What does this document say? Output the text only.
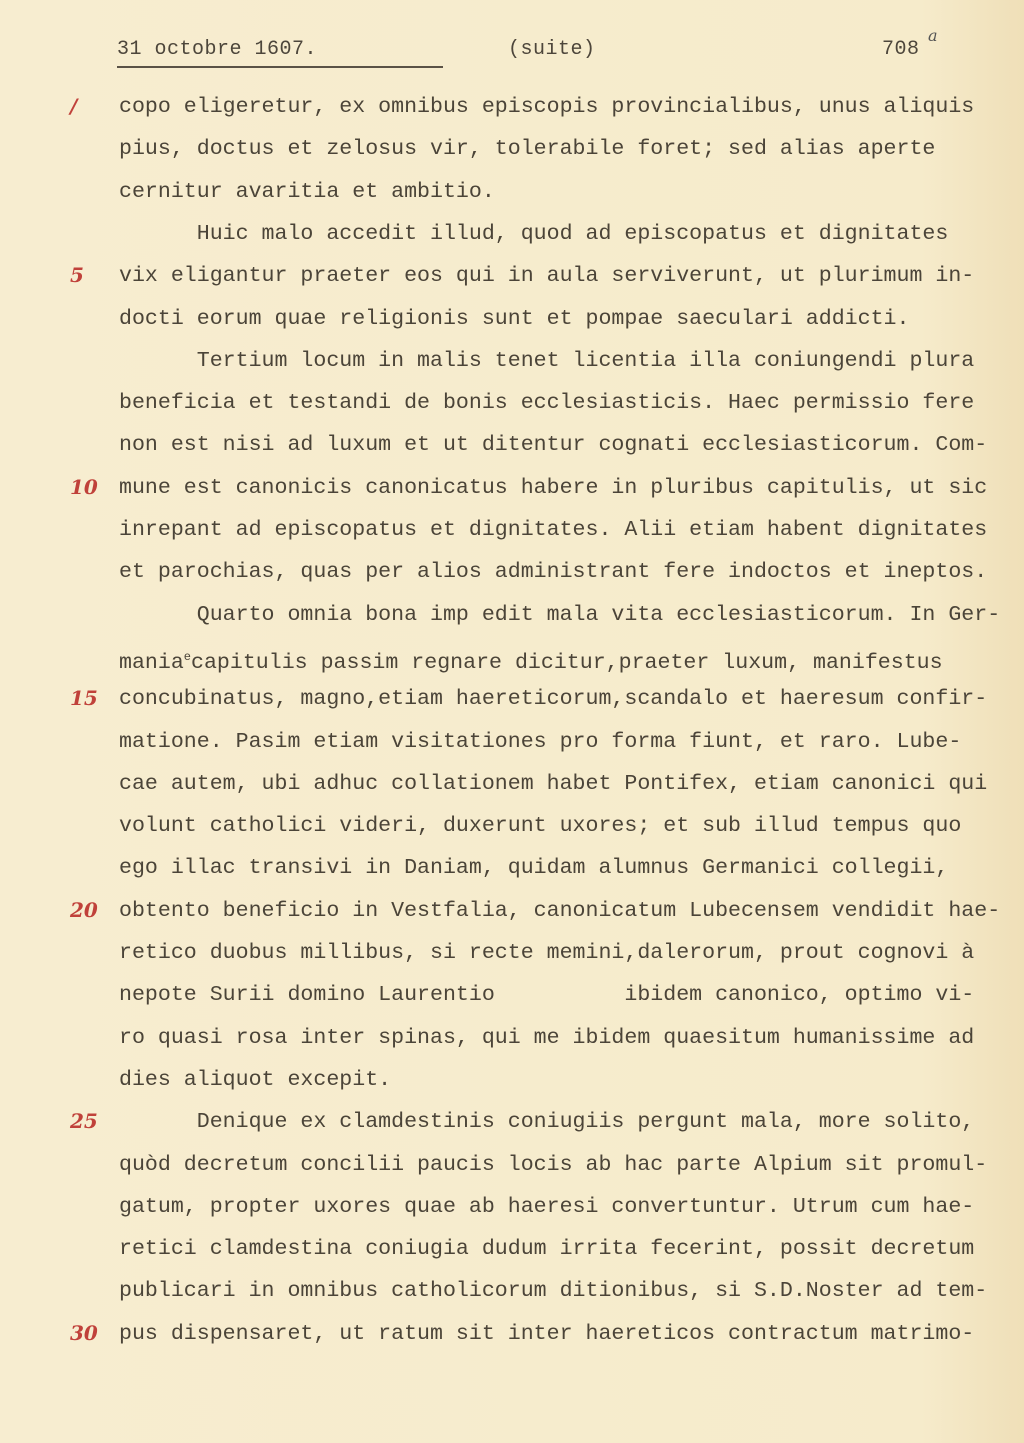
31 octobre 1607.	(suite)	708
a
copo eligeretur, ex omnibus episcopis provincialibus, unus aliquis
/
pius, doctus et zelosus vir, tolerabile foret; sed alias aperte
cernitur avaritia et ambitio.
Huic malo accedit illud, quod ad episcopatus et dignitates
vix eligantur praeter eos qui in aula serviverunt, ut plurimum in-
5
docti eorum quae religionis sunt et pompae saeculari addicti.
Tertium locum in malis tenet licentia illa coniungendi plura
beneficia et testandi de bonis ecclesiasticis. Haec permissio fere
non est nisi ad luxum et ut ditentur cognati ecclesiasticorum. Com-
mune est canonicis canonicatus habere in pluribus capitulis, ut sic
10
inrepant ad episcopatus et dignitates. Alii etiam habent dignitates
et parochias, quas per alios administrant fere indoctos et ineptos.
Quarto omnia bona imp edit mala vita ecclesiasticorum. In Ger-
mania$^e$capitulis passim regnare dicitur,praeter luxum, manifestus
concubinatus, magno,etiam haereticorum,scandalo et haeresum confir-
15
matione. Pasim etiam visitationes pro forma fiunt, et raro. Lube-
cae autem, ubi adhuc collationem habet Pontifex, etiam canonici qui
volunt catholici videri, duxerunt uxores; et sub illud tempus quo
ego illac transivi in Daniam, quidam alumnus Germanici collegii,
obtento beneficio in Vestfalia, canonicatum Lubecensem vendidit hae-
20
retico duobus millibus, si recte memini,dalerorum, prout cognovi à
nepote Surii domino Laurentio          ibidem canonico, optimo vi-
ro quasi rosa inter spinas, qui me ibidem quaesitum humanissime ad
dies aliquot excepit.
Denique ex clamdestinis coniugiis pergunt mala, more solito,
25
quòd decretum concilii paucis locis ab hac parte Alpium sit promul-
gatum, propter uxores quae ab haeresi convertuntur. Utrum cum hae-
retici clamdestina coniugia dudum irrita fecerint, possit decretum
publicari in omnibus catholicorum ditionibus, si S.D.Noster ad tem-
pus dispensaret, ut ratum sit inter haereticos contractum matrimo-
30
